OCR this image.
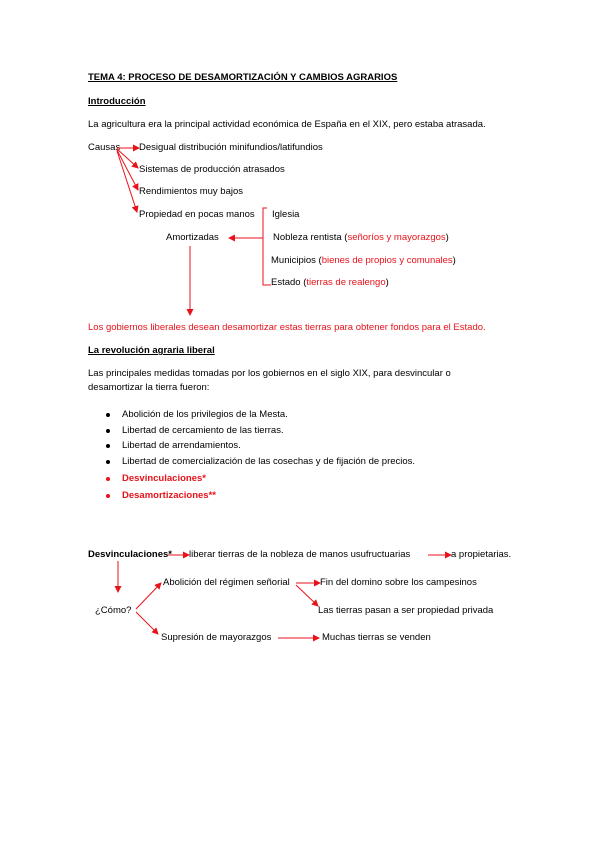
TEMA 4: PROCESO DE DESAMORTIZACIÓN Y CAMBIOS AGRARIOS
Introducción
La agricultura era la principal actividad económica de España en el XIX, pero estaba atrasada.
Causas Desigual distribución minifundios/latifundios
Sistemas de producción atrasados
Rendimientos muy bajos
Propiedad en pocas manos
Amortizadas
Iglesia
Nobleza rentista (señoríos y mayorazgos)
Municipios (bienes de propios y comunales)
Estado (tierras de realengo)
Los gobiernos liberales desean desamortizar estas tierras para obtener fondos para el Estado.
La revolución agraria liberal
Las principales medidas tomadas por los gobiernos en el siglo XIX, para desvincular o
desamortizar la tierra fueron:
Abolición de los privilegios de la Mesta.
Libertad de cercamiento de las tierras.
Libertad de arrendamientos.
Libertad de comercialización de las cosechas y de fijación de precios.
Desvinculaciones*
Desamortizaciones**
Desvinculaciones* liberar tierras de la nobleza de manos usufructuarias	a propietarias.
¿Cómo?
Abolición del régimen señorial	Fin del domino sobre los campesinos
Las tierras pasan a ser propiedad privada
Supresión de mayorazgos	Muchas tierras se venden
